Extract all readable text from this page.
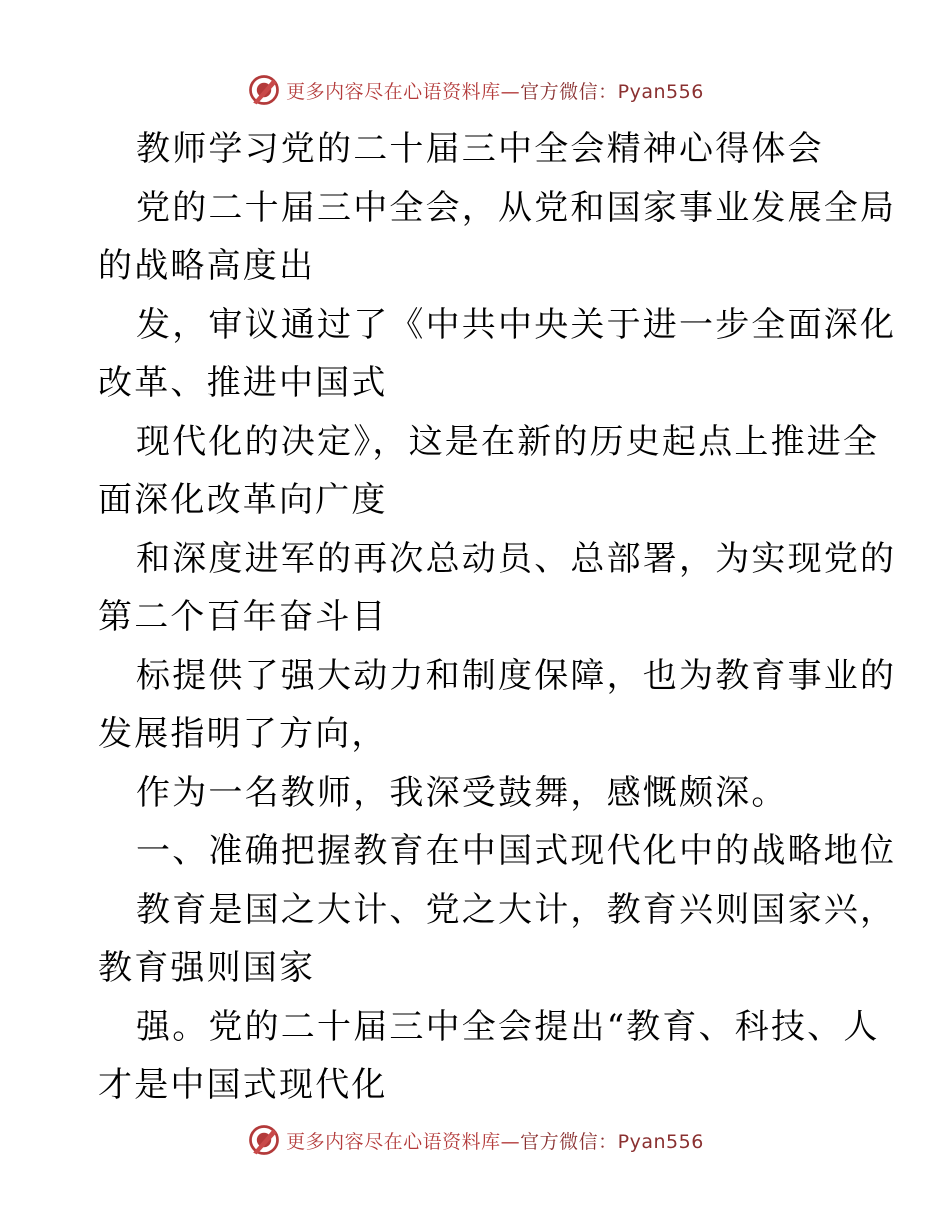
更多内容尽在心语资料库—官方微信：Pyan556

教师学习党的二十届三中全会精神心得体会

党的二十届三中全会，从党和国家事业发展全局

的战略高度出

发，审议通过了《中共中央关于进一步全面深化

改革、推进中国式

现代化的决定》，这是在新的历史起点上推进全

面深化改革向广度

和深度进军的再次总动员、总部署，为实现党的

第二个百年奋斗目

标提供了强大动力和制度保障，也为教育事业的

发展指明了方向，

作为一名教师，我深受鼓舞，感慨颇深。

一、准确把握教育在中国式现代化中的战略地位

教育是国之大计、党之大计，教育兴则国家兴，

教育强则国家

强。党的二十届三中全会提出“教育、科技、人

才是中国式现代化

更多内容尽在心语资料库—官方微信：Pyan556
